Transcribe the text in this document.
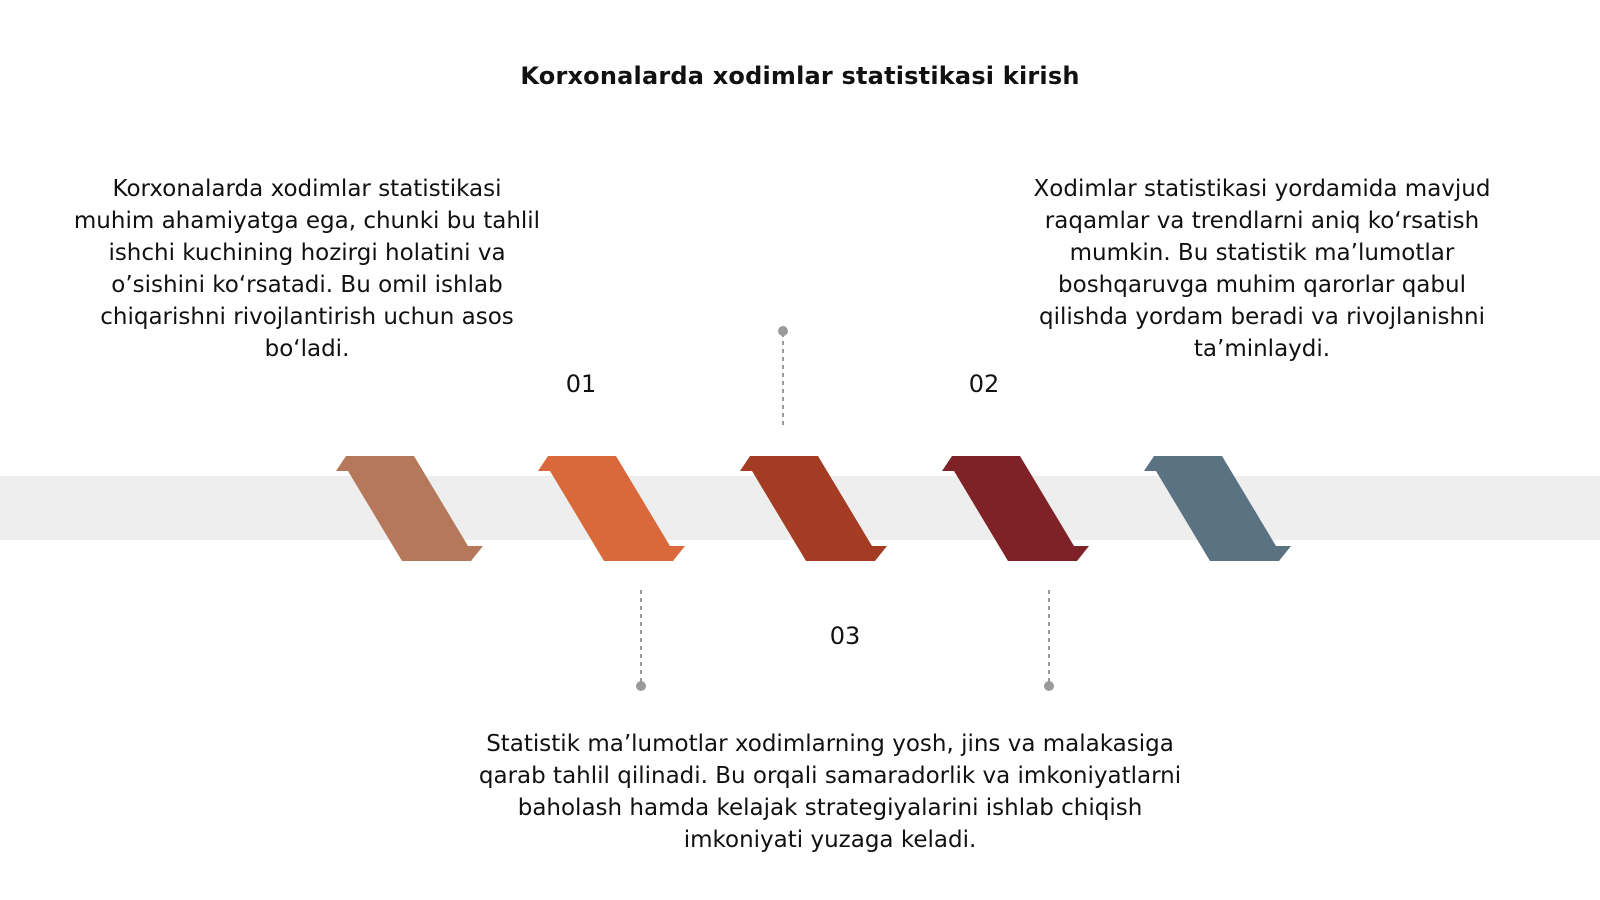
Korxonalarda xodimlar statistikasi kirish

Korxonalarda xodimlar statistikasi muhim ahamiyatga ega, chunki bu tahlil ishchi kuchining hozirgi holatini va o’sishini ko‘rsatadi. Bu omil ishlab chiqarishni rivojlantirish uchun asos bo‘ladi.

Xodimlar statistikasi yordamida mavjud raqamlar va trendlarni aniq ko‘rsatish mumkin. Bu statistik ma’lumotlar boshqaruvga muhim qarorlar qabul qilishda yordam beradi va rivojlanishni ta’minlaydi.

Statistik ma’lumotlar xodimlarning yosh, jins va malakasiga qarab tahlil qilinadi. Bu orqali samaradorlik va imkoniyatlarni baholash hamda kelajak strategiyalarini ishlab chiqish imkoniyati yuzaga keladi.

01	02
03
